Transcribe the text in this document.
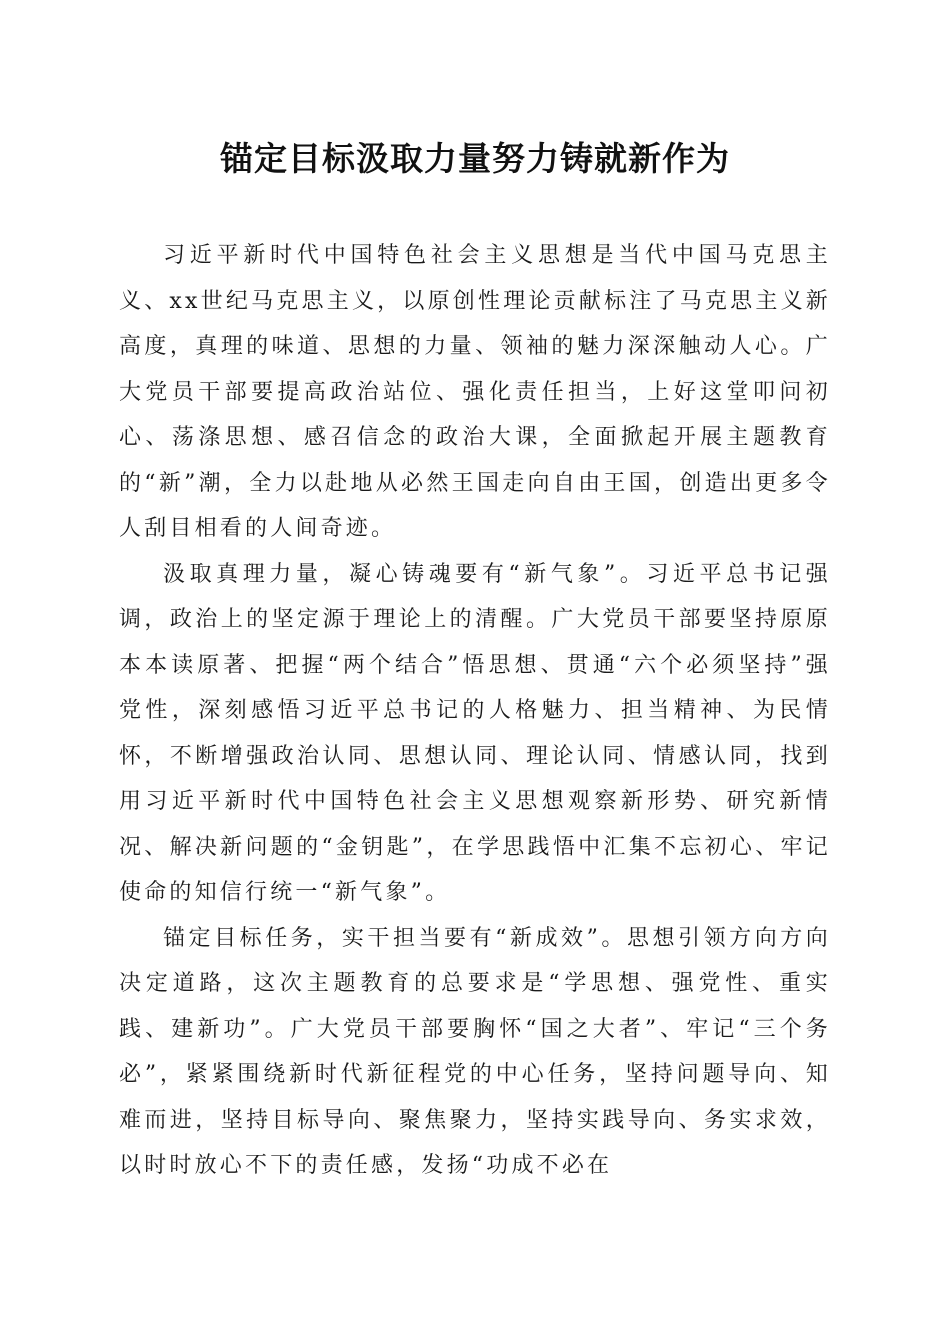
锚定目标汲取力量努力铸就新作为

习近平新时代中国特色社会主义思想是当代中国马克思主义、xx世纪马克思主义，以原创性理论贡献标注了马克思主义新高度，真理的味道、思想的力量、领袖的魅力深深触动人心。广大党员干部要提高政治站位、强化责任担当，上好这堂叩问初心、荡涤思想、感召信念的政治大课，全面掀起开展主题教育的“新”潮，全力以赴地从必然王国走向自由王国，创造出更多令人刮目相看的人间奇迹。

汲取真理力量，凝心铸魂要有“新气象”。习近平总书记强调，政治上的坚定源于理论上的清醒。广大党员干部要坚持原原本本读原著、把握“两个结合”悟思想、贯通“六个必须坚持”强党性，深刻感悟习近平总书记的人格魅力、担当精神、为民情怀，不断增强政治认同、思想认同、理论认同、情感认同，找到用习近平新时代中国特色社会主义思想观察新形势、研究新情况、解决新问题的“金钥匙”，在学思践悟中汇集不忘初心、牢记使命的知信行统一“新气象”。

锚定目标任务，实干担当要有“新成效”。思想引领方向方向决定道路，这次主题教育的总要求是“学思想、强党性、重实践、建新功”。广大党员干部要胸怀“国之大者”、牢记“三个务必”，紧紧围绕新时代新征程党的中心任务，坚持问题导向、知难而进，坚持目标导向、聚焦聚力，坚持实践导向、务实求效，以时时放心不下的责任感，发扬“功成不必在
